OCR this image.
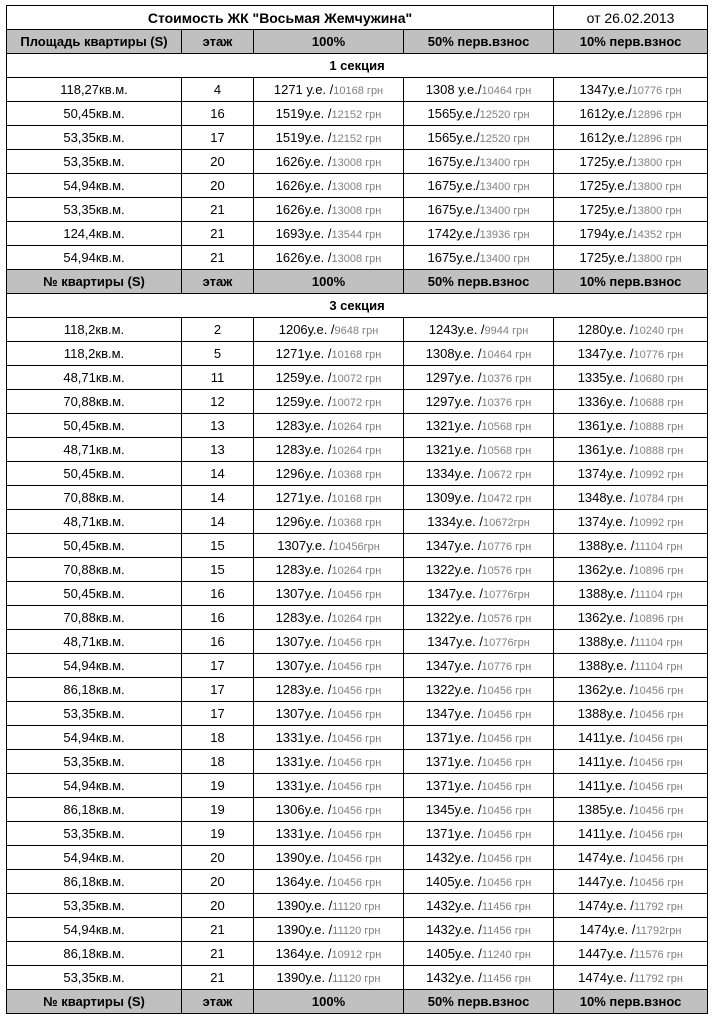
Стоимость ЖК "Восьмая Жемчужина"				от 26.02.2013
Площадь квартиры (S)	этаж	100%	50% перв.взнос	10% перв.взнос
1 секция				
118,27кв.м.	4	1271 у.е. /10168 грн	1308 у.е./10464 грн	1347у.е./10776 грн
50,45кв.м.	16	1519у.е. /12152 грн	1565у.е./12520 грн	1612у.е./12896 грн
53,35кв.м.	17	1519у.е. /12152 грн	1565у.е./12520 грн	1612у.е./12896 грн
53,35кв.м.	20	1626у.е. /13008 грн	1675у.е./13400 грн	1725у.е./13800 грн
54,94кв.м.	20	1626у.е. /13008 грн	1675у.е./13400 грн	1725у.е./13800 грн
53,35кв.м.	21	1626у.е. /13008 грн	1675у.е./13400 грн	1725у.е./13800 грн
124,4кв.м.	21	1693у.е. /13544 грн	1742у.е./13936 грн	1794у.е./14352 грн
54,94кв.м.	21	1626у.е. /13008 грн	1675у.е./13400 грн	1725у.е./13800 грн
№ квартиры (S)	этаж	100%	50% перв.взнос	10% перв.взнос
3 секция				
118,2кв.м.	2	1206у.е. /9648 грн	1243у.е. /9944 грн	1280у.е. /10240 грн
118,2кв.м.	5	1271у.е. /10168 грн	1308у.е. /10464 грн	1347у.е. /10776 грн
48,71кв.м.	11	1259у.е. /10072 грн	1297у.е. /10376 грн	1335у.е. /10680 грн
70,88кв.м.	12	1259у.е. /10072 грн	1297у.е. /10376 грн	1336у.е. /10688 грн
50,45кв.м.	13	1283у.е. /10264 грн	1321у.е. /10568 грн	1361у.е. /10888 грн
48,71кв.м.	13	1283у.е. /10264 грн	1321у.е. /10568 грн	1361у.е. /10888 грн
50,45кв.м.	14	1296у.е. /10368 грн	1334у.е. /10672 грн	1374у.е. /10992 грн
70,88кв.м.	14	1271у.е. /10168 грн	1309у.е. /10472 грн	1348у.е. /10784 грн
48,71кв.м.	14	1296у.е. /10368 грн	1334у.е. /10672грн	1374у.е. /10992 грн
50,45кв.м.	15	1307у.е. /10456грн	1347у.е. /10776 грн	1388у.е. /11104 грн
70,88кв.м.	15	1283у.е. /10264 грн	1322у.е. /10576 грн	1362у.е. /10896 грн
50,45кв.м.	16	1307у.е. /10456 грн	1347у.е. /10776грн	1388у.е. /11104 грн
70,88кв.м.	16	1283у.е. /10264 грн	1322у.е. /10576 грн	1362у.е. /10896 грн
48,71кв.м.	16	1307у.е. /10456 грн	1347у.е. /10776грн	1388у.е. /11104 грн
54,94кв.м.	17	1307у.е. /10456 грн	1347у.е. /10776 грн	1388у.е. /11104 грн
86,18кв.м.	17	1283у.е. /10456 грн	1322у.е. /10456 грн	1362у.е. /10456 грн
53,35кв.м.	17	1307у.е. /10456 грн	1347у.е. /10456 грн	1388у.е. /10456 грн
54,94кв.м.	18	1331у.е. /10456 грн	1371у.е. /10456 грн	1411у.е. /10456 грн
53,35кв.м.	18	1331у.е. /10456 грн	1371у.е. /10456 грн	1411у.е. /10456 грн
54,94кв.м.	19	1331у.е. /10456 грн	1371у.е. /10456 грн	1411у.е. /10456 грн
86,18кв.м.	19	1306у.е. /10456 грн	1345у.е. /10456 грн	1385у.е. /10456 грн
53,35кв.м.	19	1331у.е. /10456 грн	1371у.е. /10456 грн	1411у.е. /10456 грн
54,94кв.м.	20	1390у.е. /10456 грн	1432у.е. /10456 грн	1474у.е. /10456 грн
86,18кв.м.	20	1364у.е. /10456 грн	1405у.е. /10456 грн	1447у.е. /10456 грн
53,35кв.м.	20	1390у.е. /11120 грн	1432у.е. /11456 грн	1474у.е. /11792 грн
54,94кв.м.	21	1390у.е. /11120 грн	1432у.е. /11456 грн	1474у.е. /11792грн
86,18кв.м.	21	1364у.е. /10912 грн	1405у.е. /11240 грн	1447у.е. /11576 грн
53,35кв.м.	21	1390у.е. /11120 грн	1432у.е. /11456 грн	1474у.е. /11792 грн
№ квартиры (S)	этаж	100%	50% перв.взнос	10% перв.взнос
